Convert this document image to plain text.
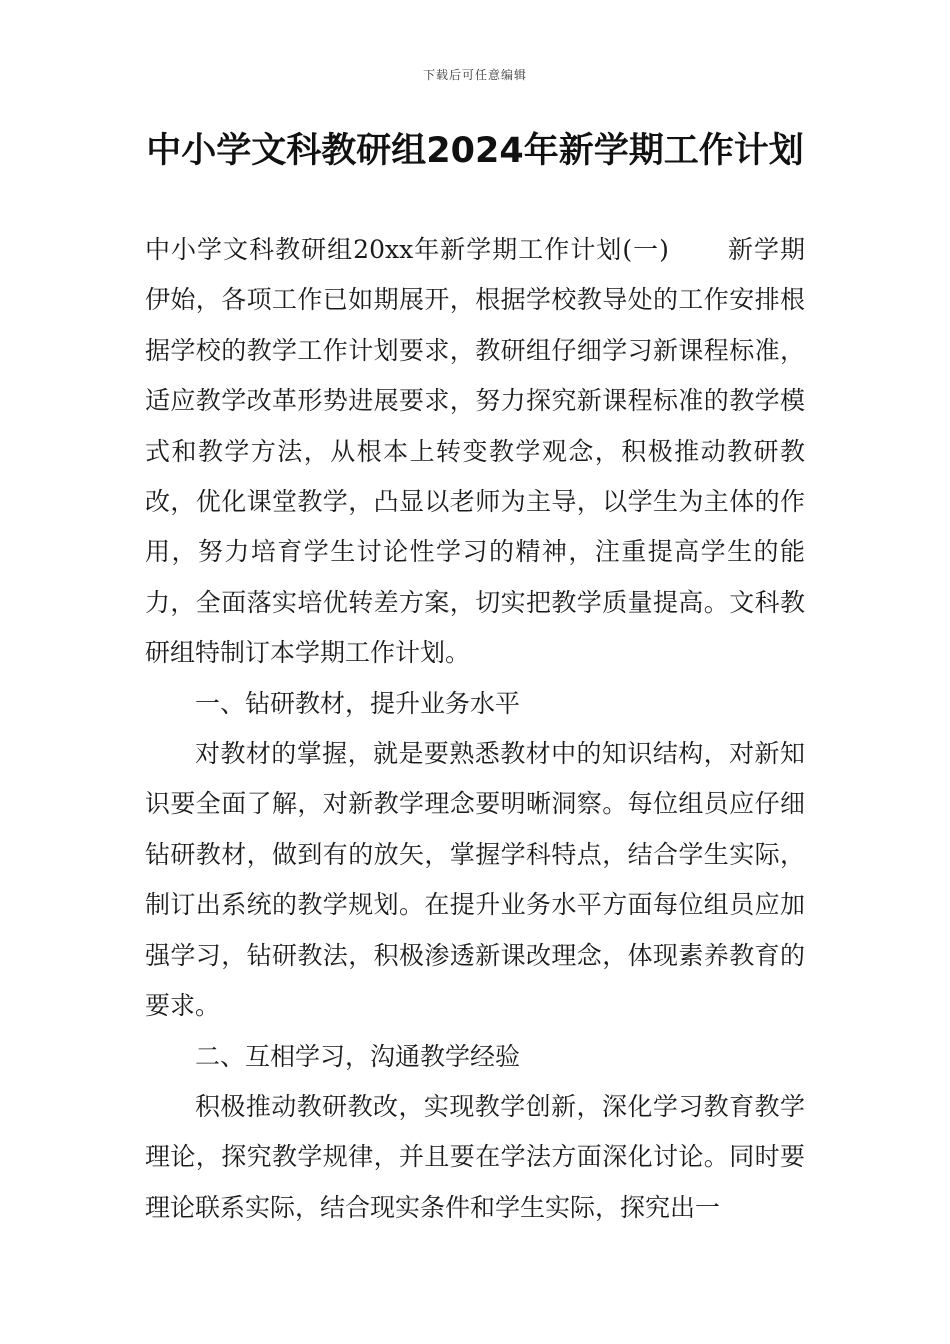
下载后可任意编辑
中小学文科教研组2024年新学期工作计划

中小学文科教研组20xx年新学期工作计划(一) 新学期伊始，各项工作已如期展开，根据学校教导处的工作安排根据学校的教学工作计划要求，教研组仔细学习新课程标准，适应教学改革形势进展要求，努力探究新课程标准的教学模式和教学方法，从根本上转变教学观念，积极推动教研教改，优化课堂教学，凸显以老师为主导，以学生为主体的作用，努力培育学生讨论性学习的精神，注重提高学生的能力，全面落实培优转差方案，切实把教学质量提高。文科教研组特制订本学期工作计划。

一、钻研教材，提升业务水平

对教材的掌握，就是要熟悉教材中的知识结构，对新知识要全面了解，对新教学理念要明晰洞察。每位组员应仔细钻研教材，做到有的放矢，掌握学科特点，结合学生实际，制订出系统的教学规划。在提升业务水平方面每位组员应加强学习，钻研教法，积极渗透新课改理念，体现素养教育的要求。

二、互相学习，沟通教学经验

积极推动教研教改，实现教学创新，深化学习教育教学理论，探究教学规律，并且要在学法方面深化讨论。同时要理论联系实际，结合现实条件和学生实际，探究出一
